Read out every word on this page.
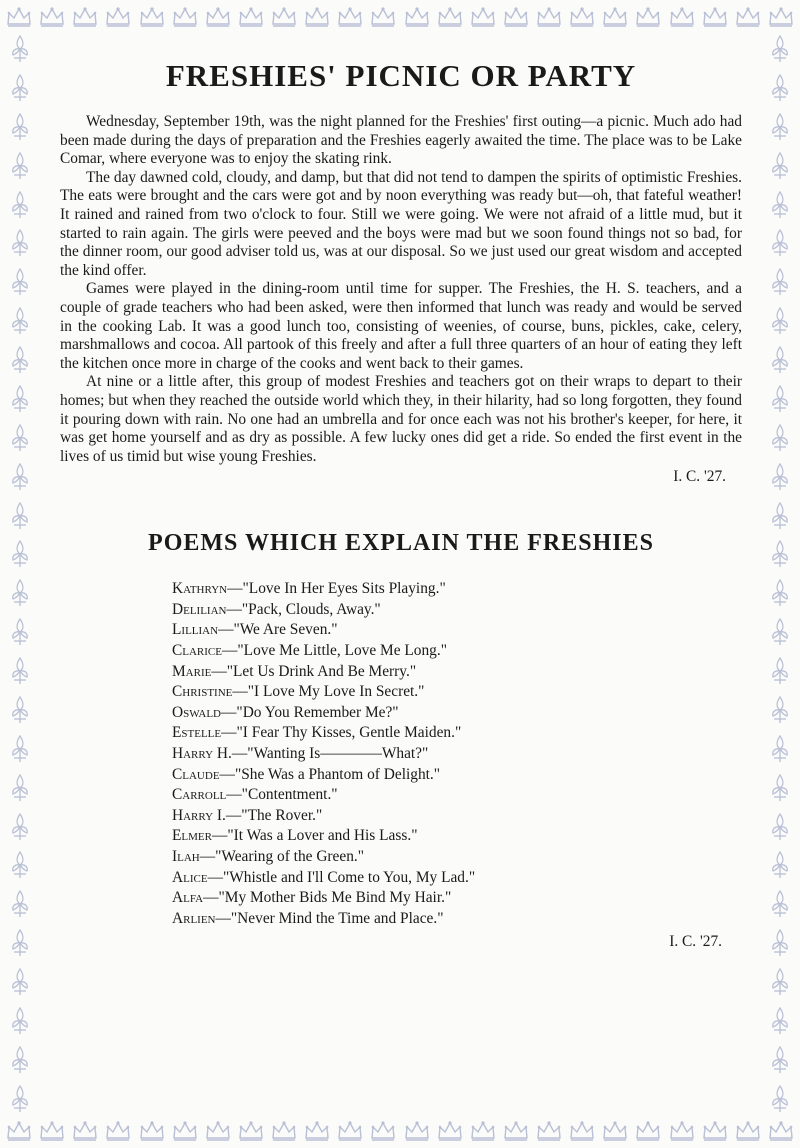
FRESHIES' PICNIC OR PARTY

Wednesday, September 19th, was the night planned for the Freshies' first outing—a picnic. Much ado had been made during the days of preparation and the Freshies eagerly awaited the time. The place was to be Lake Comar, where everyone was to enjoy the skating rink.

The day dawned cold, cloudy, and damp, but that did not tend to dampen the spirits of optimistic Freshies. The eats were brought and the cars were got and by noon everything was ready but—oh, that fateful weather! It rained and rained from two o'clock to four. Still we were going. We were not afraid of a little mud, but it started to rain again. The girls were peeved and the boys were mad but we soon found things not so bad, for the dinner room, our good adviser told us, was at our disposal. So we just used our great wisdom and accepted the kind offer.

Games were played in the dining-room until time for supper. The Freshies, the H. S. teachers, and a couple of grade teachers who had been asked, were then informed that lunch was ready and would be served in the cooking Lab. It was a good lunch too, consisting of weenies, of course, buns, pickles, cake, celery, marshmallows and cocoa. All partook of this freely and after a full three quarters of an hour of eating they left the kitchen once more in charge of the cooks and went back to their games.

At nine or a little after, this group of modest Freshies and teachers got on their wraps to depart to their homes; but when they reached the outside world which they, in their hilarity, had so long forgotten, they found it pouring down with rain. No one had an umbrella and for once each was not his brother's keeper, for here, it was get home yourself and as dry as possible. A few lucky ones did get a ride. So ended the first event in the lives of us timid but wise young Freshies.

I. C. '27.
POEMS WHICH EXPLAIN THE FRESHIES
Kathryn—"Love In Her Eyes Sits Playing."
Delilian—"Pack, Clouds, Away."
Lillian—"We Are Seven."
Clarice—"Love Me Little, Love Me Long."
Marie—"Let Us Drink And Be Merry."
Christine—"I Love My Love In Secret."
Oswald—"Do You Remember Me?"
Estelle—"I Fear Thy Kisses, Gentle Maiden."
Harry H.—"Wanting Is————What?"
Claude—"She Was a Phantom of Delight."
Carroll—"Contentment."
Harry I.—"The Rover."
Elmer—"It Was a Lover and His Lass."
Ilah—"Wearing of the Green."
Alice—"Whistle and I'll Come to You, My Lad."
Alfa—"My Mother Bids Me Bind My Hair."
Arlien—"Never Mind the Time and Place."
I. C. '27.
